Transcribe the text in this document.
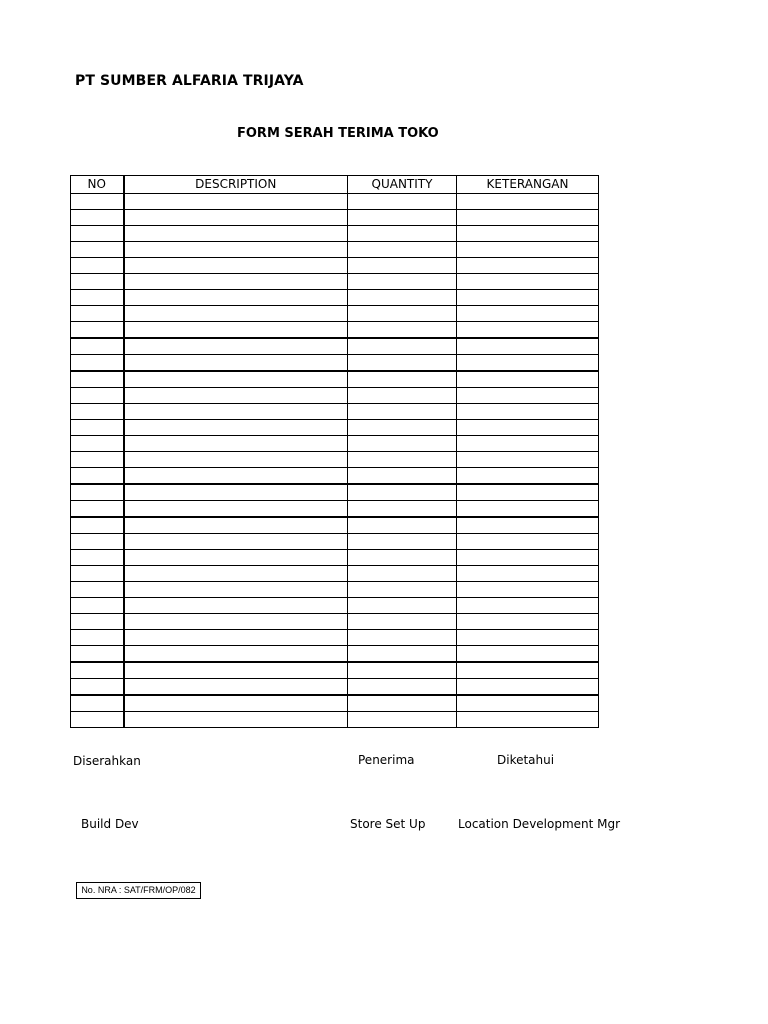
PT SUMBER ALFARIA TRIJAYA
FORM SERAH TERIMA TOKO
NO	DESCRIPTION	QUANTITY	KETERANGAN

Diserahkan	Penerima	Diketahui
Build Dev	Store Set Up	Location Development Mgr
No. NRA : SAT/FRM/OP/082
